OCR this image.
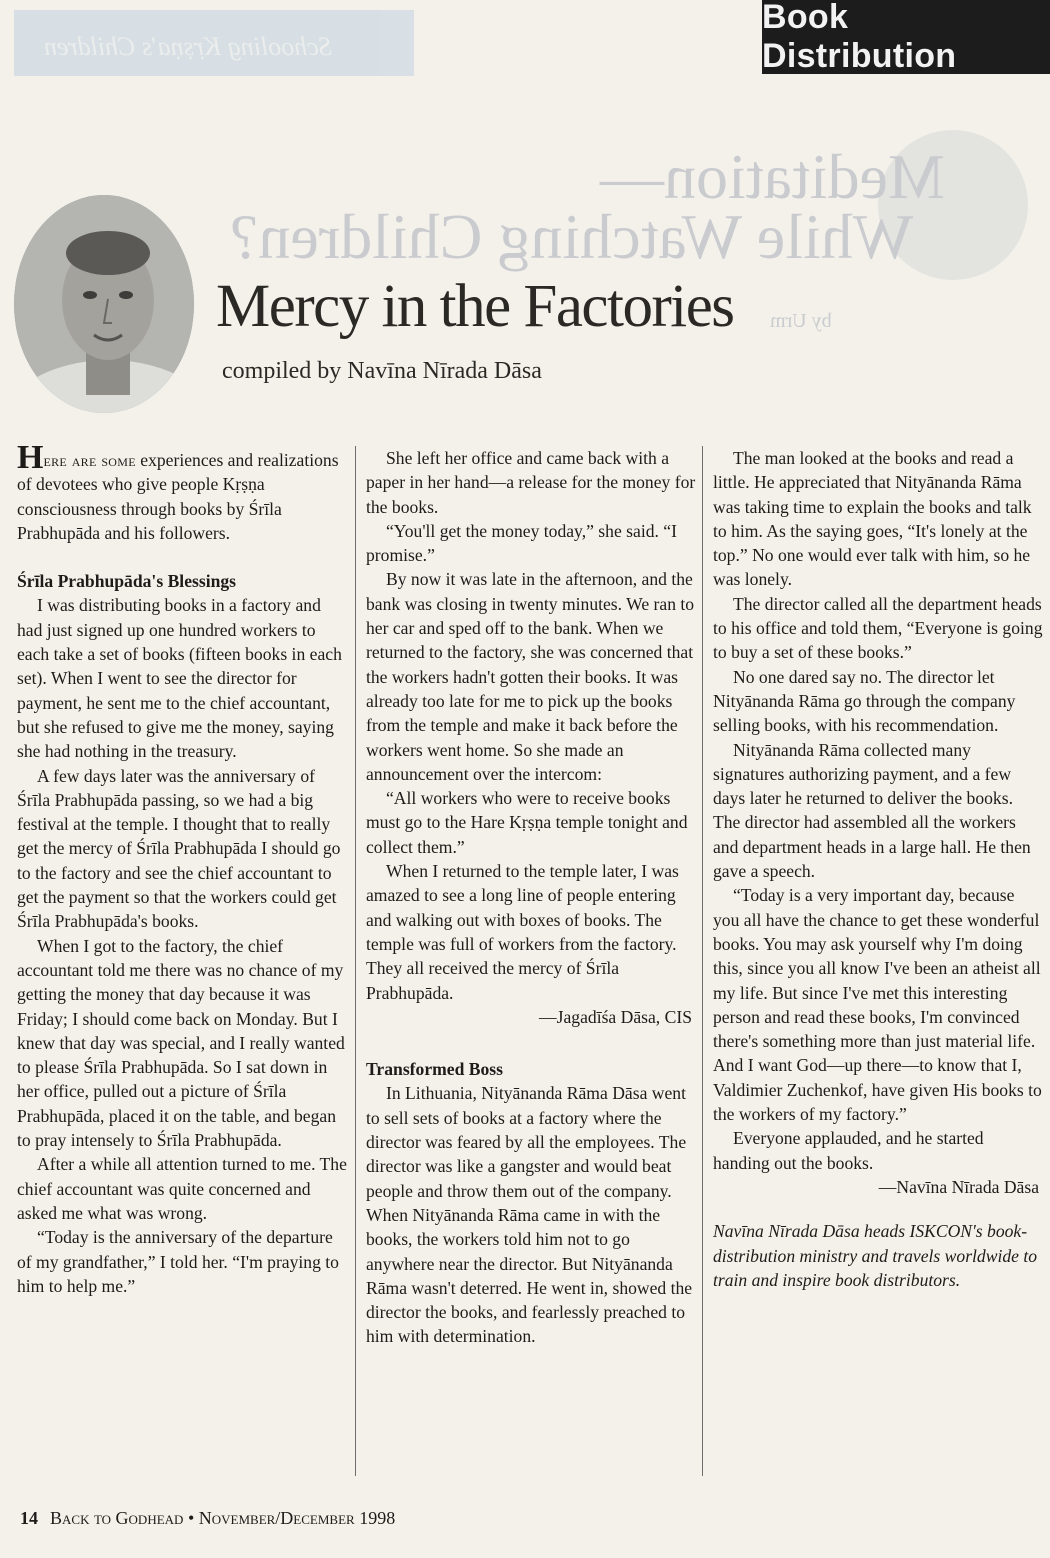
Schooling Kṛṣṇa's Children
Meditation—
While Watching Children?
by Urm
Book Distribution
Mercy in the Factories
compiled by Navīna Nīrada Dāsa

Here are some experiences and realizations of devotees who give people Kṛṣṇa consciousness through books by Śrīla Prabhupāda and his followers.

Śrīla Prabhupāda's Blessings

I was distributing books in a factory and had just signed up one hundred workers to each take a set of books (fifteen books in each set). When I went to see the director for payment, he sent me to the chief accountant, but she refused to give me the money, saying she had nothing in the treasury.

A few days later was the anniversary of Śrīla Prabhupāda passing, so we had a big festival at the temple. I thought that to really get the mercy of Śrīla Prabhupāda I should go to the factory and see the chief accountant to get the payment so that the workers could get Śrīla Prabhupāda's books.

When I got to the factory, the chief accountant told me there was no chance of my getting the money that day because it was Friday; I should come back on Monday. But I knew that day was special, and I really wanted to please Śrīla Prabhupāda. So I sat down in her office, pulled out a picture of Śrīla Prabhupāda, placed it on the table, and began to pray intensely to Śrīla Prabhupāda.

After a while all attention turned to me. The chief accountant was quite concerned and asked me what was wrong.

“Today is the anniversary of the departure of my grandfather,” I told her. “I'm praying to him to help me.”

She left her office and came back with a paper in her hand—a release for the money for the books.

“You'll get the money today,” she said. “I promise.”

By now it was late in the afternoon, and the bank was closing in twenty minutes. We ran to her car and sped off to the bank. When we returned to the factory, she was concerned that the workers hadn't gotten their books. It was already too late for me to pick up the books from the temple and make it back before the workers went home. So she made an announcement over the intercom:

“All workers who were to receive books must go to the Hare Kṛṣṇa temple tonight and collect them.”

When I returned to the temple later, I was amazed to see a long line of people entering and walking out with boxes of books. The temple was full of workers from the factory. They all received the mercy of Śrīla Prabhupāda.

—Jagadīśa Dāsa, CIS

Transformed Boss

In Lithuania, Nityānanda Rāma Dāsa went to sell sets of books at a factory where the director was feared by all the employees. The director was like a gangster and would beat people and throw them out of the company. When Nityānanda Rāma came in with the books, the workers told him not to go anywhere near the director. But Nityānanda Rāma wasn't deterred. He went in, showed the director the books, and fearlessly preached to him with determination.

The man looked at the books and read a little. He appreciated that Nityānanda Rāma was taking time to explain the books and talk to him. As the saying goes, “It's lonely at the top.” No one would ever talk with him, so he was lonely.

The director called all the department heads to his office and told them, “Everyone is going to buy a set of these books.”

No one dared say no. The director let Nityānanda Rāma go through the company selling books, with his recommendation.

Nityānanda Rāma collected many signatures authorizing payment, and a few days later he returned to deliver the books. The director had assembled all the workers and department heads in a large hall. He then gave a speech.

“Today is a very important day, because you all have the chance to get these wonderful books. You may ask yourself why I'm doing this, since you all know I've been an atheist all my life. But since I've met this interesting person and read these books, I'm convinced there's something more than just material life. And I want God—up there—to know that I, Valdimier Zuchenkof, have given His books to the workers of my factory.”

Everyone applauded, and he started handing out the books.

—Navīna Nīrada Dāsa

Navīna Nīrada Dāsa heads ISKCON's book-distribution ministry and travels worldwide to train and inspire book distributors.

14 Back to Godhead • November/December 1998
